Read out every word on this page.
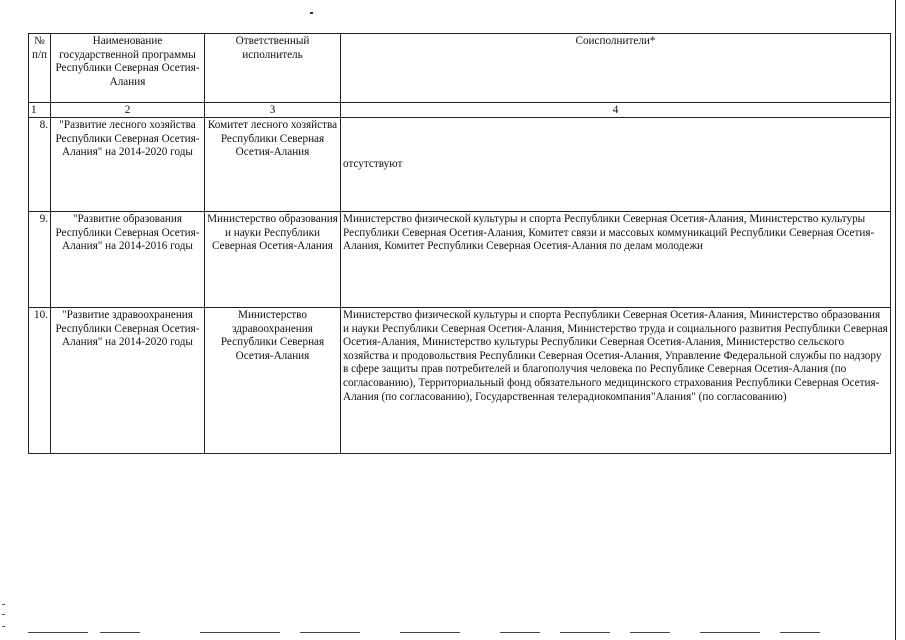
№ п/п	Наименование государственной программы Республики Северная Осетия-Алания	Ответственный исполнитель	Соисполнители*
1	2	3	4
8.	"Развитие лесного хозяйства Республики Северная Осетия-Алания" на 2014-2020 годы	Комитет лесного хозяйства Республики Северная Осетия-Алания	отсутствуют
9.	"Развитие образования Республики Северная Осетия-Алания" на 2014-2016 годы	Министерство образования и науки Республики Северная Осетия-Алания	Министерство физической культуры и спорта Республики Северная Осетия-Алания, Министерство культуры Республики Северная Осетия-Алания, Комитет связи и массовых коммуникаций Республики Северная Осетия-Алания, Комитет Республики Северная Осетия-Алания по делам молодежи
10.	"Развитие здравоохранения Республики Северная Осетия-Алания" на 2014-2020 годы	Министерство здравоохранения Республики Северная Осетия-Алания	Министерство физической культуры и спорта Республики Северная Осетия-Алания, Министерство образования и науки Республики Северная Осетия-Алания, Министерство труда и социального развития Республики Северная Осетия-Алания, Министерство культуры Республики Северная Осетия-Алания, Министерство сельского хозяйства и продовольствия Республики Северная Осетия-Алания, Управление Федеральной службы по надзору в сфере защиты прав потребителей и благополучия человека по Республике Северная Осетия-Алания (по согласованию), Территориальный фонд обязательного медицинского страхования Республики Северная Осетия-Алания (по согласованию), Государственная телерадиокомпания"Алания" (по согласованию)
